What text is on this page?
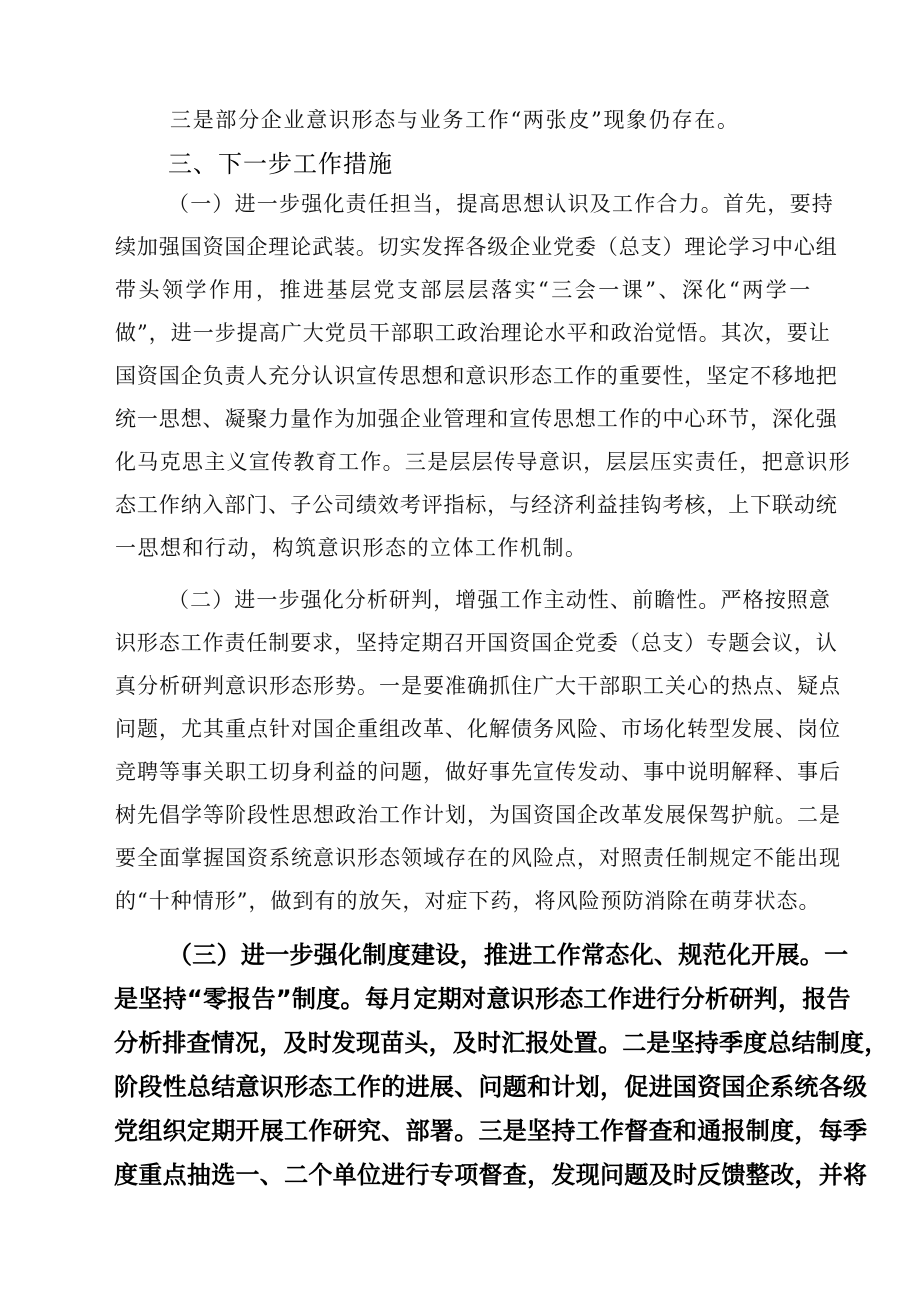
三是部分企业意识形态与业务工作“两张皮”现象仍存在。
三、下一步工作措施
（一）进一步强化责任担当，提高思想认识及工作合力。首先，要持
续加强国资国企理论武装。切实发挥各级企业党委（总支）理论学习中心组
带头领学作用，推进基层党支部层层落实“三会一课”、深化“两学一
做”，进一步提高广大党员干部职工政治理论水平和政治觉悟。其次，要让
国资国企负责人充分认识宣传思想和意识形态工作的重要性，坚定不移地把
统一思想、凝聚力量作为加强企业管理和宣传思想工作的中心环节，深化强
化马克思主义宣传教育工作。三是层层传导意识，层层压实责任，把意识形
态工作纳入部门、子公司绩效考评指标，与经济利益挂钩考核，上下联动统
一思想和行动，构筑意识形态的立体工作机制。
（二）进一步强化分析研判，增强工作主动性、前瞻性。严格按照意
识形态工作责任制要求，坚持定期召开国资国企党委（总支）专题会议，认
真分析研判意识形态形势。一是要准确抓住广大干部职工关心的热点、疑点
问题，尤其重点针对国企重组改革、化解债务风险、市场化转型发展、岗位
竞聘等事关职工切身利益的问题，做好事先宣传发动、事中说明解释、事后
树先倡学等阶段性思想政治工作计划，为国资国企改革发展保驾护航。二是
要全面掌握国资系统意识形态领域存在的风险点，对照责任制规定不能出现
的“十种情形”，做到有的放矢，对症下药，将风险预防消除在萌芽状态。
（三）进一步强化制度建设，推进工作常态化、规范化开展。一
是坚持“零报告”制度。每月定期对意识形态工作进行分析研判，报告
分析排查情况，及时发现苗头，及时汇报处置。二是坚持季度总结制度，
阶段性总结意识形态工作的进展、问题和计划，促进国资国企系统各级
党组织定期开展工作研究、部署。三是坚持工作督查和通报制度，每季
度重点抽选一、二个单位进行专项督查，发现问题及时反馈整改，并将
